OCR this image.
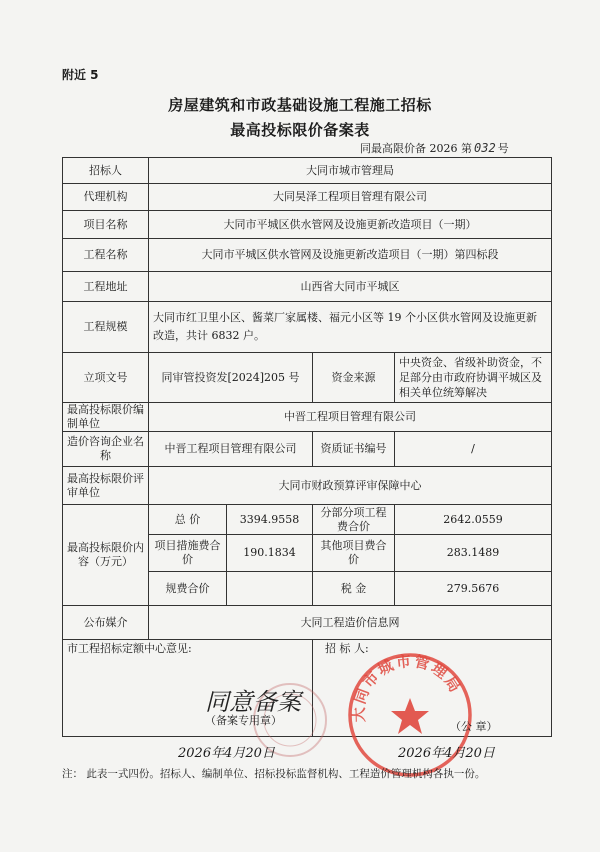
附近 5
房屋建筑和市政基础设施工程施工招标
最高投标限价备案表
同最高限价备 2026 第 032 号
招标人	大同市城市管理局			
代理机构	大同昊泽工程项目管理有限公司			
项目名称	大同市平城区供水管网及设施更新改造项目（一期）			
工程名称	大同市平城区供水管网及设施更新改造项目（一期）第四标段			
工程地址	山西省大同市平城区			
工程规模	大同市红卫里小区、酱菜厂家属楼、福元小区等 19 个小区供水管网及设施更新改造，共计 6832 户。			
立项文号	同审管投资发[2024]205 号		资金来源	中央资金、省级补助资金，不足部分由市政府协调平城区及相关单位统筹解决
最高投标限价编制单位	中晋工程项目管理有限公司			
造价咨询企业名称	中晋工程项目管理有限公司		资质证书编号	/
最高投标限价评审单位	大同市财政预算评审保障中心			
最高投标限价内容（万元）	总 价	3394.9558	分部分项工程费合价	2642.0559
	项目措施费合 价	190.1834	其他项目费合 价	283.1489
	规费合价		税 金	279.5676
公布媒介	大同工程造价信息网			
市工程招标定额中心意见:			招 标 人:	
大同市城市管理局
同意备案
（备案专用章）	（公 章）
2026年4月20日	2026年4月20日
注： 此表一式四份。招标人、编制单位、招标投标监督机构、工程造价管理机构各执一份。
